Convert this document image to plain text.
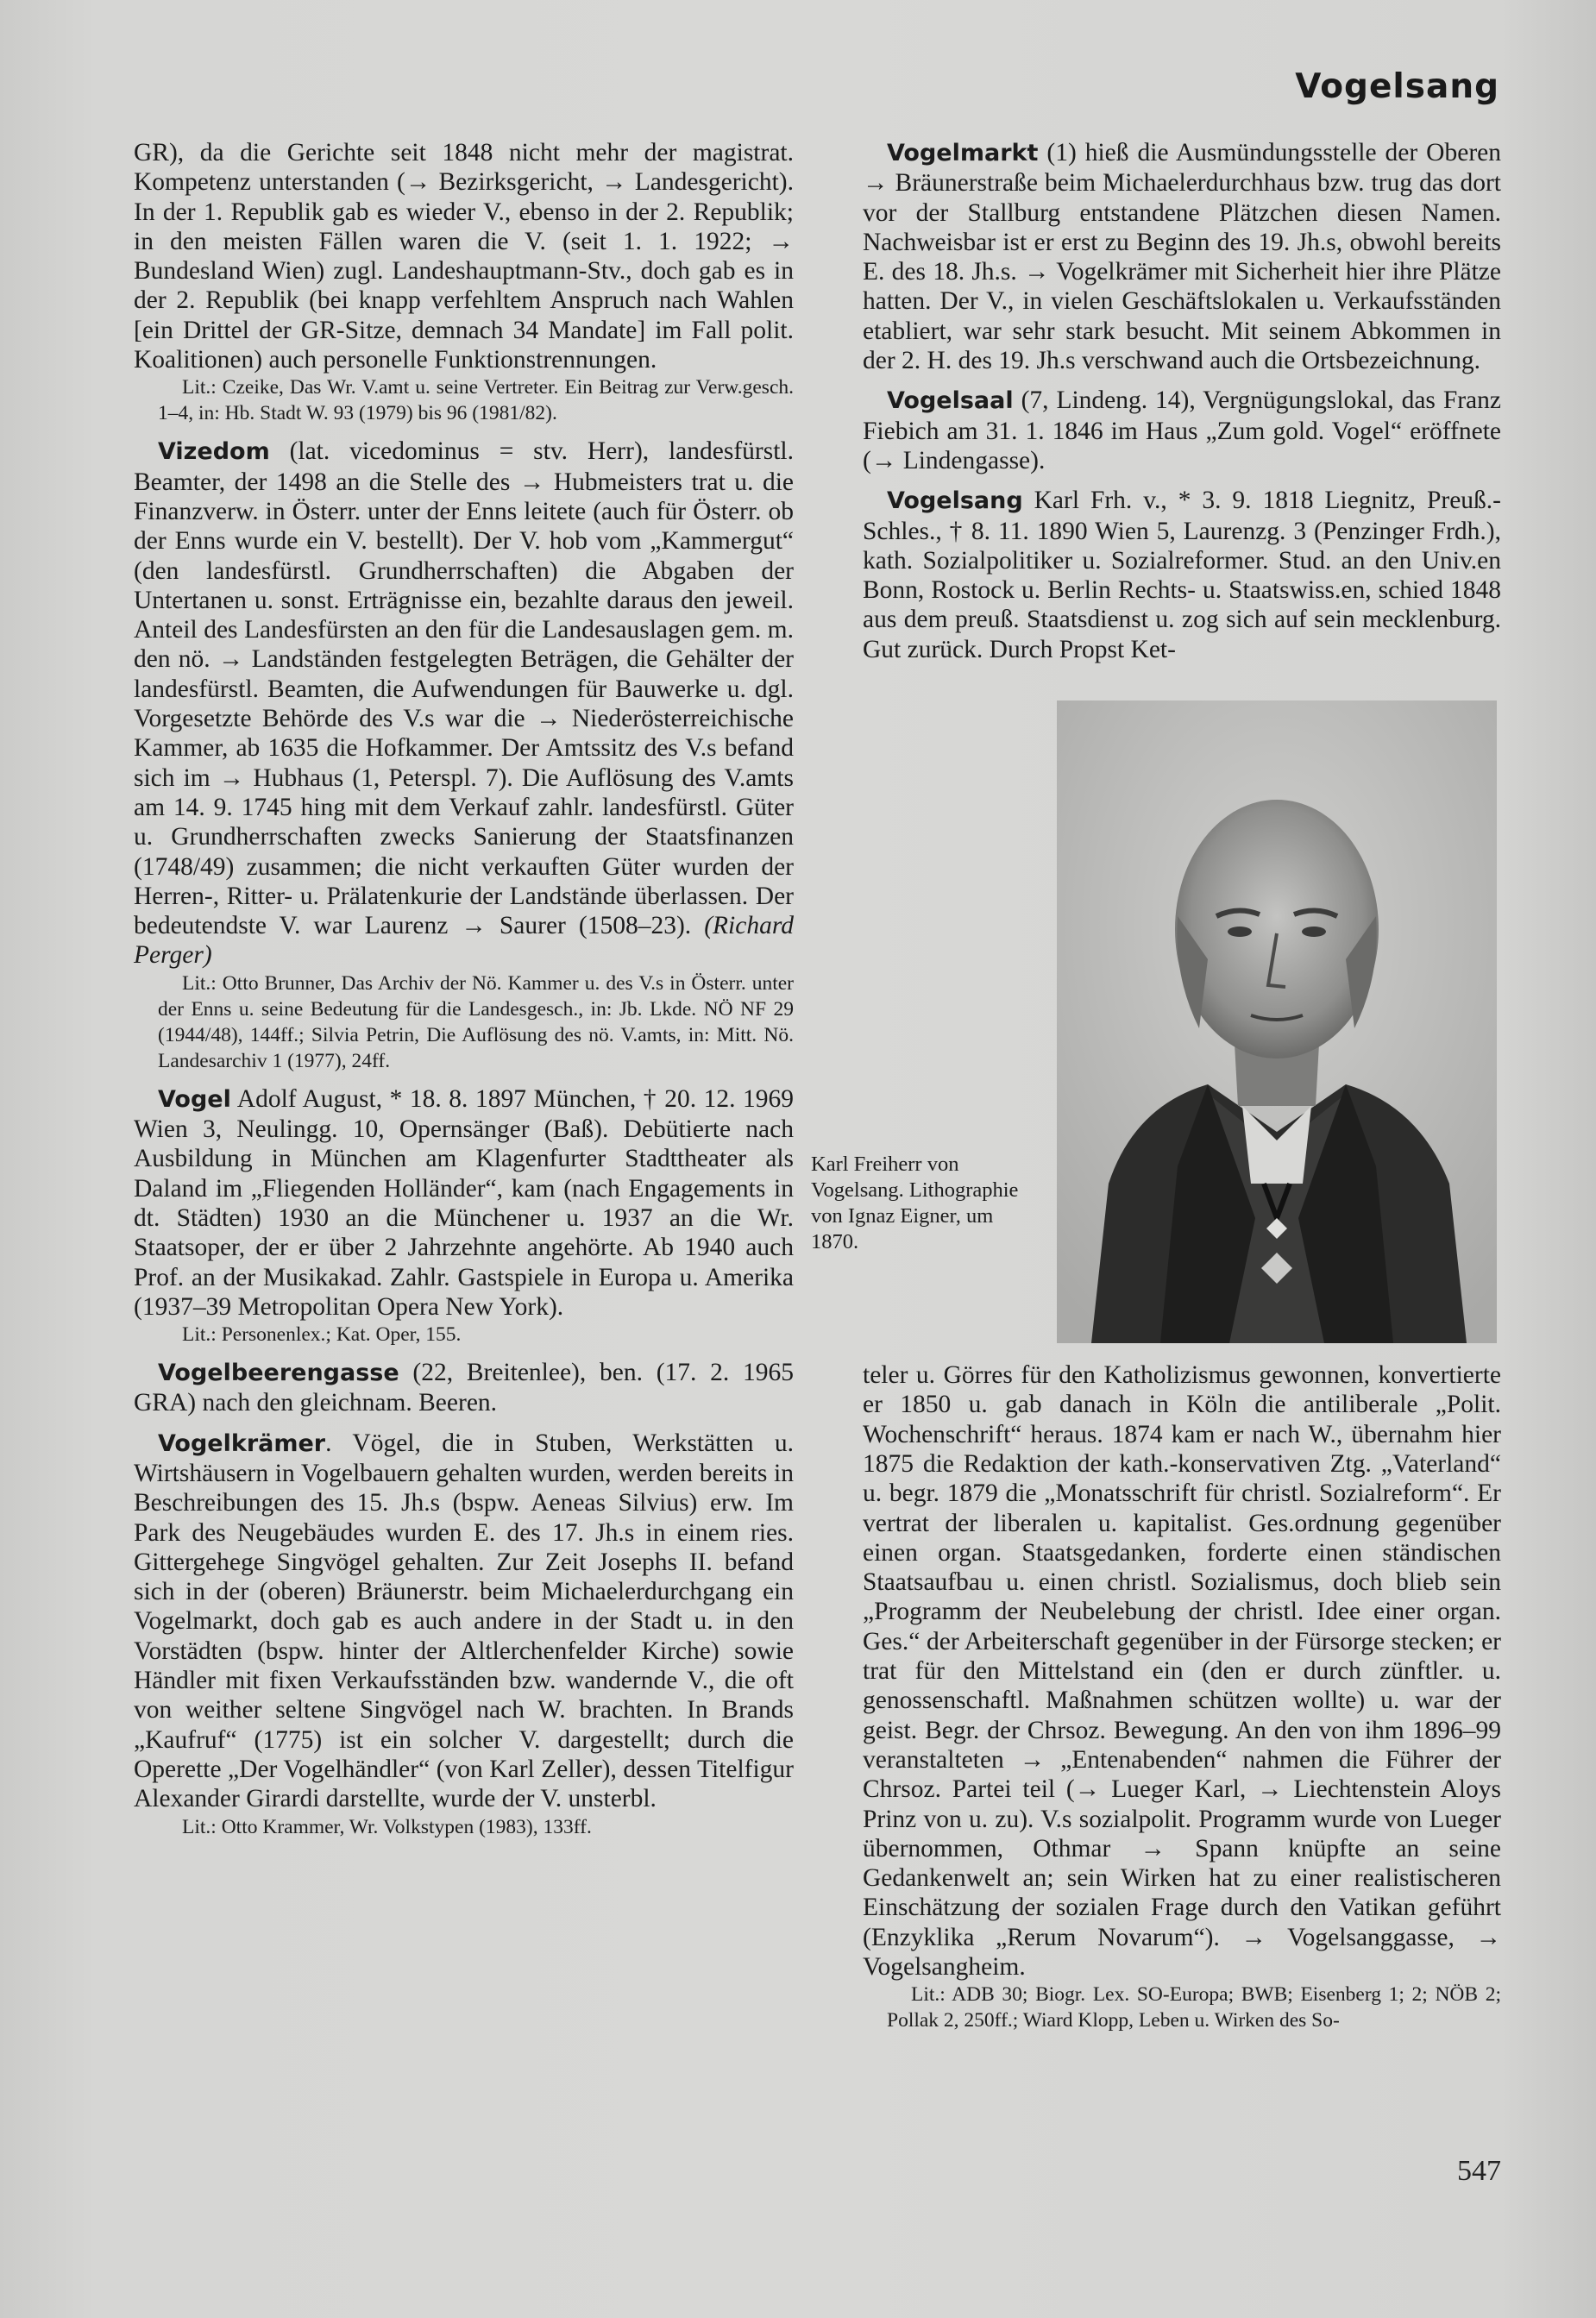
Vogelsang

GR), da die Gerichte seit 1848 nicht mehr der magistrat. Kompetenz unterstanden (→ Bezirksgericht, → Landesgericht). In der 1. Republik gab es wieder V., ebenso in der 2. Republik; in den meisten Fällen waren die V. (seit 1. 1. 1922; → Bundesland Wien) zugl. Landeshauptmann-Stv., doch gab es in der 2. Republik (bei knapp verfehltem Anspruch nach Wahlen [ein Drittel der GR-Sitze, demnach 34 Mandate] im Fall polit. Koalitionen) auch personelle Funktionstrennungen.

Lit.: Czeike, Das Wr. V.amt u. seine Vertreter. Ein Beitrag zur Verw.gesch. 1–4, in: Hb. Stadt W. 93 (1979) bis 96 (1981/82).

Vizedom (lat. vicedominus = stv. Herr), landesfürstl. Beamter, der 1498 an die Stelle des → Hubmeisters trat u. die Finanzverw. in Österr. unter der Enns leitete (auch für Österr. ob der Enns wurde ein V. bestellt). Der V. hob vom „Kammergut“ (den landesfürstl. Grundherrschaften) die Abgaben der Untertanen u. sonst. Erträgnisse ein, bezahlte daraus den jeweil. Anteil des Landesfürsten an den für die Landesauslagen gem. m. den nö. → Landständen festgelegten Beträgen, die Gehälter der landesfürstl. Beamten, die Aufwendungen für Bauwerke u. dgl. Vorgesetzte Behörde des V.s war die → Niederösterreichische Kammer, ab 1635 die Hofkammer. Der Amtssitz des V.s befand sich im → Hubhaus (1, Peterspl. 7). Die Auflösung des V.amts am 14. 9. 1745 hing mit dem Verkauf zahlr. landesfürstl. Güter u. Grundherrschaften zwecks Sanierung der Staatsfinanzen (1748/49) zusammen; die nicht verkauften Güter wurden der Herren-, Ritter- u. Prälatenkurie der Landstände überlassen. Der bedeutendste V. war Laurenz → Saurer (1508–23). (Richard Perger)

Lit.: Otto Brunner, Das Archiv der Nö. Kammer u. des V.s in Österr. unter der Enns u. seine Bedeutung für die Landesgesch., in: Jb. Lkde. NÖ NF 29 (1944/48), 144ff.; Silvia Petrin, Die Auflösung des nö. V.amts, in: Mitt. Nö. Landesarchiv 1 (1977), 24ff.

Vogel Adolf August, * 18. 8. 1897 München, † 20. 12. 1969 Wien 3, Neulingg. 10, Opernsänger (Baß). Debütierte nach Ausbildung in München am Klagenfurter Stadttheater als Daland im „Fliegenden Holländer“, kam (nach Engagements in dt. Städten) 1930 an die Münchener u. 1937 an die Wr. Staatsoper, der er über 2 Jahrzehnte angehörte. Ab 1940 auch Prof. an der Musikakad. Zahlr. Gastspiele in Europa u. Amerika (1937–39 Metropolitan Opera New York).

Lit.: Personenlex.; Kat. Oper, 155.

Vogelbeerengasse (22, Breitenlee), ben. (17. 2. 1965 GRA) nach den gleichnam. Beeren.

Vogelkrämer. Vögel, die in Stuben, Werkstätten u. Wirtshäusern in Vogelbauern gehalten wurden, werden bereits in Beschreibungen des 15. Jh.s (bspw. Aeneas Silvius) erw. Im Park des Neugebäudes wurden E. des 17. Jh.s in einem ries. Gittergehege Singvögel gehalten. Zur Zeit Josephs II. befand sich in der (oberen) Bräunerstr. beim Michaelerdurchgang ein Vogelmarkt, doch gab es auch andere in der Stadt u. in den Vorstädten (bspw. hinter der Altlerchenfelder Kirche) sowie Händler mit fixen Verkaufsständen bzw. wandernde V., die oft von weither seltene Singvögel nach W. brachten. In Brands „Kaufruf“ (1775) ist ein solcher V. dargestellt; durch die Operette „Der Vogelhändler“ (von Karl Zeller), dessen Titelfigur Alexander Girardi darstellte, wurde der V. unsterbl.

Lit.: Otto Krammer, Wr. Volkstypen (1983), 133ff.

Vogelmarkt (1) hieß die Ausmündungsstelle der Oberen → Bräunerstraße beim Michaelerdurchhaus bzw. trug das dort vor der Stallburg entstandene Plätzchen diesen Namen. Nachweisbar ist er erst zu Beginn des 19. Jh.s, obwohl bereits E. des 18. Jh.s. → Vogelkrämer mit Sicherheit hier ihre Plätze hatten. Der V., in vielen Geschäftslokalen u. Verkaufsständen etabliert, war sehr stark besucht. Mit seinem Abkommen in der 2. H. des 19. Jh.s verschwand auch die Ortsbezeichnung.

Vogelsaal (7, Lindeng. 14), Vergnügungslokal, das Franz Fiebich am 31. 1. 1846 im Haus „Zum gold. Vogel“ eröffnete (→ Lindengasse).

Vogelsang Karl Frh. v., * 3. 9. 1818 Liegnitz, Preuß.-Schles., † 8. 11. 1890 Wien 5, Laurenzg. 3 (Penzinger Frdh.), kath. Sozialpolitiker u. Sozialreformer. Stud. an den Univ.en Bonn, Rostock u. Berlin Rechts- u. Staatswiss.en, schied 1848 aus dem preuß. Staatsdienst u. zog sich auf sein mecklenburg. Gut zurück. Durch Propst Ket-

Karl Freiherr von Vogelsang. Lithographie von Ignaz Eigner, um 1870.

teler u. Görres für den Katholizismus gewonnen, konvertierte er 1850 u. gab danach in Köln die antiliberale „Polit. Wochenschrift“ heraus. 1874 kam er nach W., übernahm hier 1875 die Redaktion der kath.-konservativen Ztg. „Vaterland“ u. begr. 1879 die „Monatsschrift für christl. Sozialreform“. Er vertrat der liberalen u. kapitalist. Ges.ordnung gegenüber einen organ. Staatsgedanken, forderte einen ständischen Staatsaufbau u. einen christl. Sozialismus, doch blieb sein „Programm der Neubelebung der christl. Idee einer organ. Ges.“ der Arbeiterschaft gegenüber in der Fürsorge stecken; er trat für den Mittelstand ein (den er durch zünftler. u. genossenschaftl. Maßnahmen schützen wollte) u. war der geist. Begr. der Chrsoz. Bewegung. An den von ihm 1896–99 veranstalteten → „Entenabenden“ nahmen die Führer der Chrsoz. Partei teil (→ Lueger Karl, → Liechtenstein Aloys Prinz von u. zu). V.s sozialpolit. Programm wurde von Lueger übernommen, Othmar → Spann knüpfte an seine Gedankenwelt an; sein Wirken hat zu einer realistischeren Einschätzung der sozialen Frage durch den Vatikan geführt (Enzyklika „Rerum Novarum“). → Vogelsanggasse, → Vogelsangheim.

Lit.: ADB 30; Biogr. Lex. SO-Europa; BWB; Eisenberg 1; 2; NÖB 2; Pollak 2, 250ff.; Wiard Klopp, Leben u. Wirken des So-

547
